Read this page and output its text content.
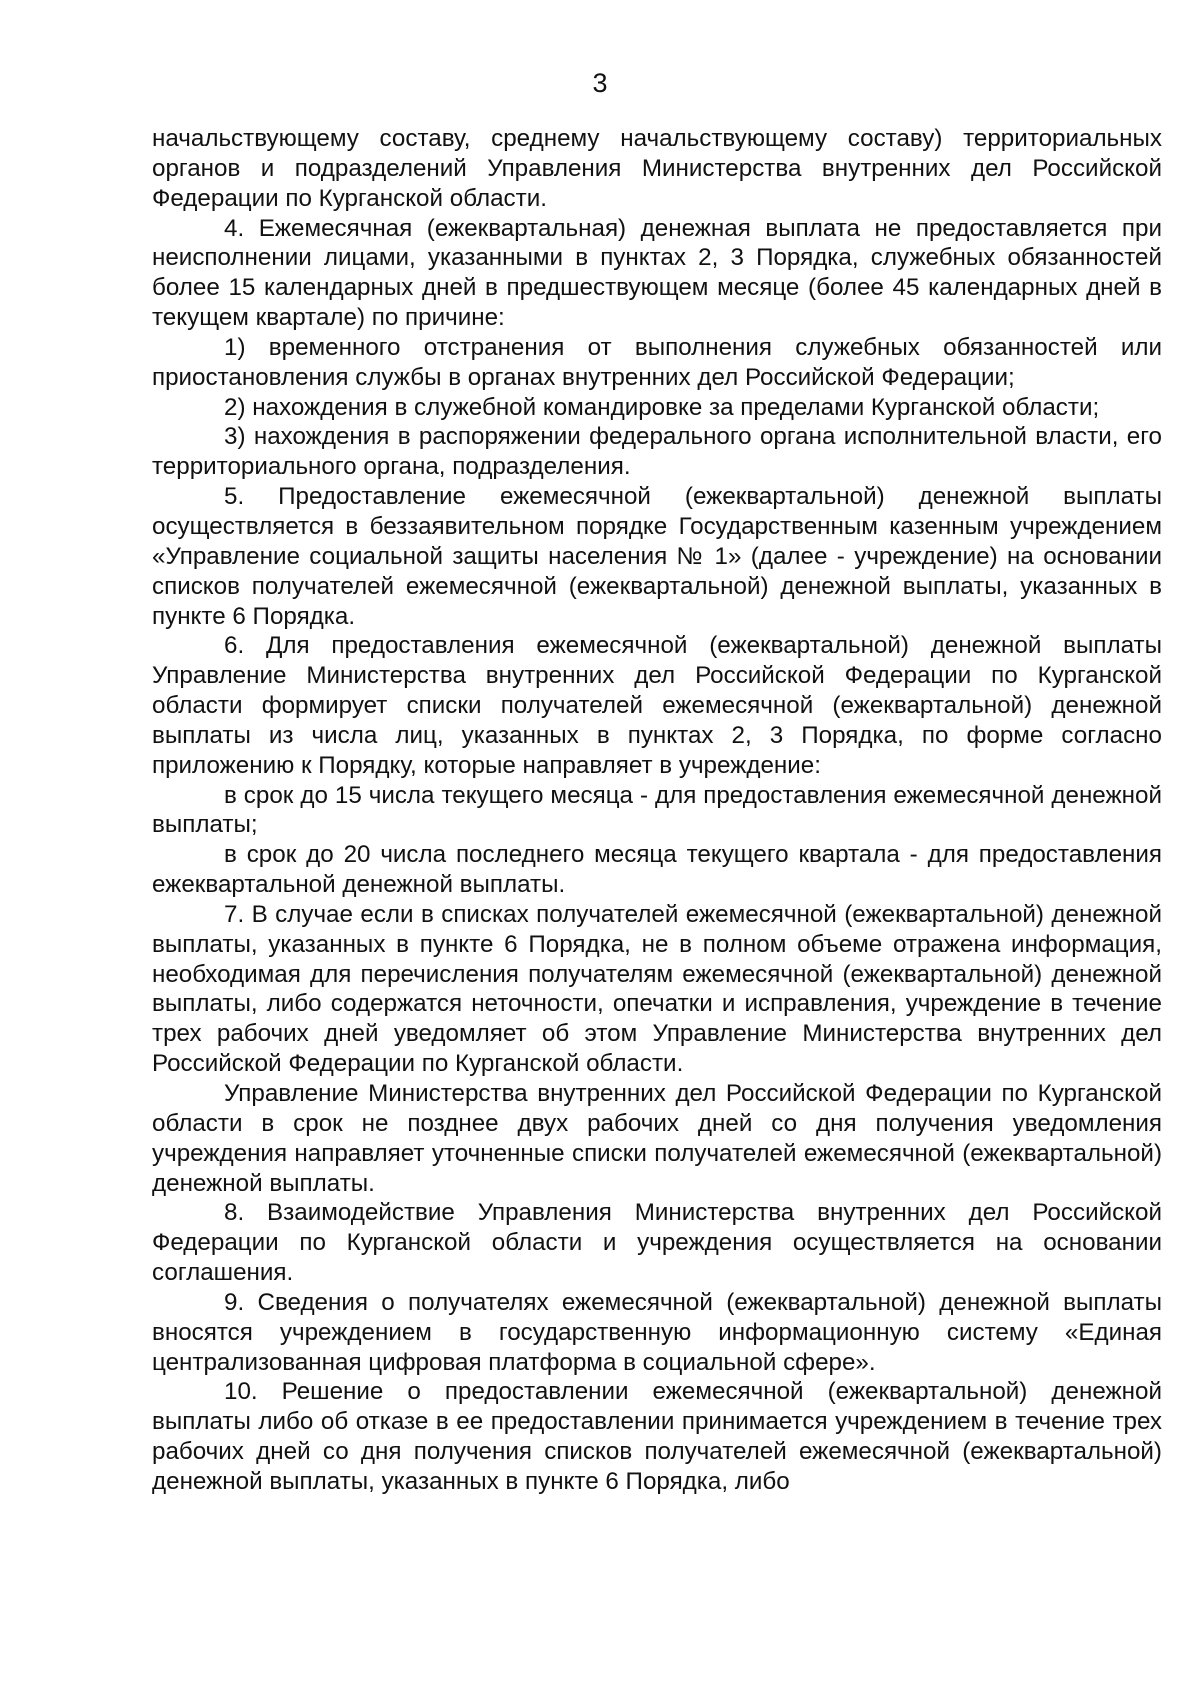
3

начальствующему составу, среднему начальствующему составу) территориальных органов и подразделений Управления Министерства внутренних дел Российской Федерации по Курганской области.

4. Ежемесячная (ежеквартальная) денежная выплата не предоставляется при неисполнении лицами, указанными в пунктах 2, 3 Порядка, служебных обязанностей более 15 календарных дней в предшествующем месяце (более 45 календарных дней в текущем квартале) по причине:

1) временного отстранения от выполнения служебных обязанностей или приостановления службы в органах внутренних дел Российской Федерации;

2) нахождения в служебной командировке за пределами Курганской области;

3) нахождения в распоряжении федерального органа исполнительной власти, его территориального органа, подразделения.

5. Предоставление ежемесячной (ежеквартальной) денежной выплаты осуществляется в беззаявительном порядке Государственным казенным учреждением «Управление социальной защиты населения № 1» (далее - учреждение) на основании списков получателей ежемесячной (ежеквартальной) денежной выплаты, указанных в пункте 6 Порядка.

6. Для предоставления ежемесячной (ежеквартальной) денежной выплаты Управление Министерства внутренних дел Российской Федерации по Курганской области формирует списки получателей ежемесячной (ежеквартальной) денежной выплаты из числа лиц, указанных в пунктах 2, 3 Порядка, по форме согласно приложению к Порядку, которые направляет в учреждение:

в срок до 15 числа текущего месяца - для предоставления ежемесячной денежной выплаты;

в срок до 20 числа последнего месяца текущего квартала - для предоставления ежеквартальной денежной выплаты.

7. В случае если в списках получателей ежемесячной (ежеквартальной) денежной выплаты, указанных в пункте 6 Порядка, не в полном объеме отражена информация, необходимая для перечисления получателям ежемесячной (ежеквартальной) денежной выплаты, либо содержатся неточности, опечатки и исправления, учреждение в течение трех рабочих дней уведомляет об этом Управление Министерства внутренних дел Российской Федерации по Курганской области.

Управление Министерства внутренних дел Российской Федерации по Курганской области в срок не позднее двух рабочих дней со дня получения уведомления учреждения направляет уточненные списки получателей ежемесячной (ежеквартальной) денежной выплаты.

8. Взаимодействие Управления Министерства внутренних дел Российской Федерации по Курганской области и учреждения осуществляется на основании соглашения.

9. Сведения о получателях ежемесячной (ежеквартальной) денежной выплаты вносятся учреждением в государственную информационную систему «Единая централизованная цифровая платформа в социальной сфере».

10. Решение о предоставлении ежемесячной (ежеквартальной) денежной выплаты либо об отказе в ее предоставлении принимается учреждением в течение трех рабочих дней со дня получения списков получателей ежемесячной (ежеквартальной) денежной выплаты, указанных в пункте 6 Порядка, либо
